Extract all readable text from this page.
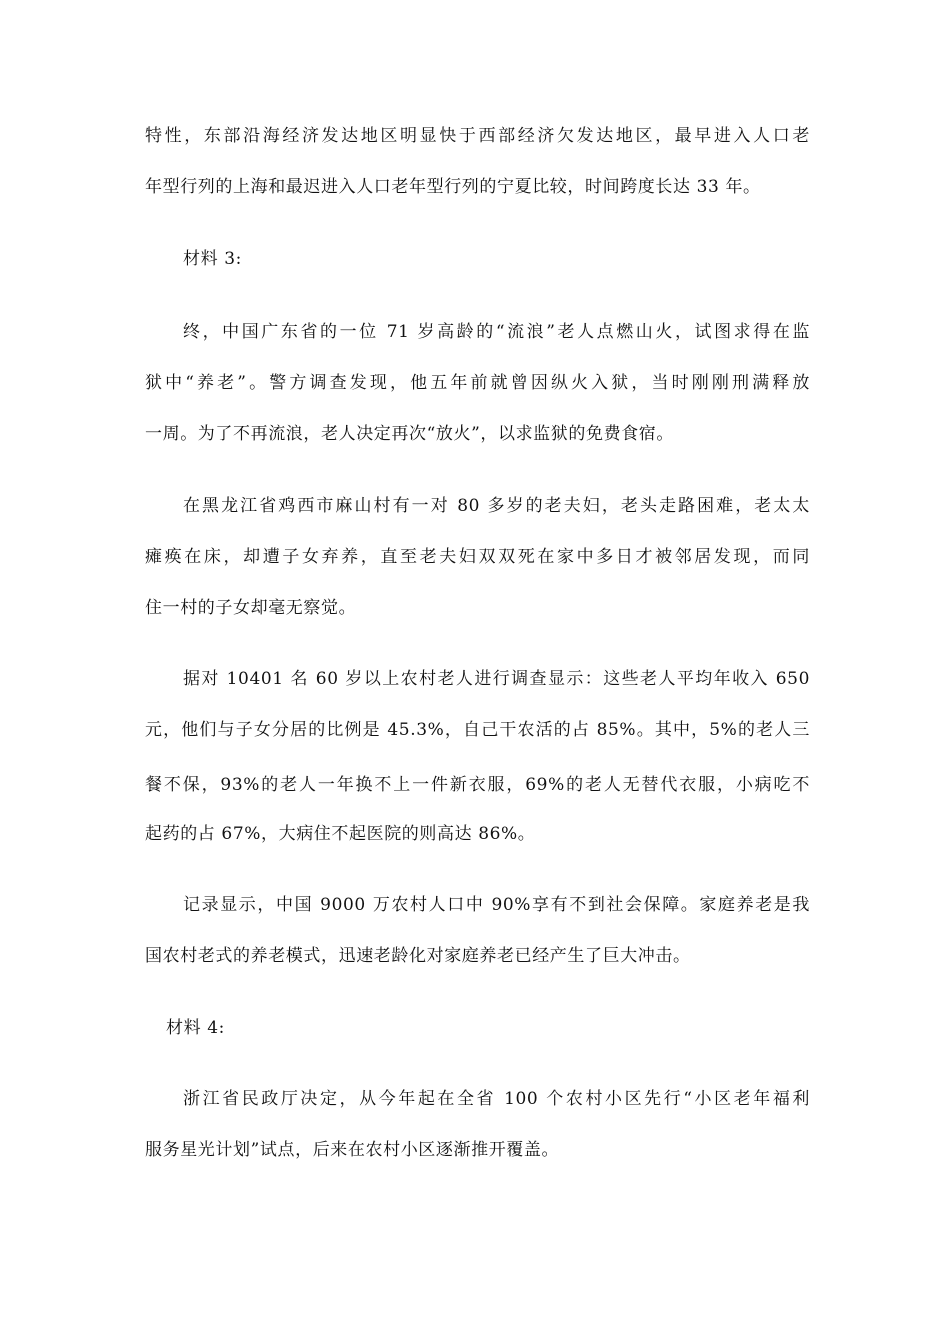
特性，东部沿海经济发达地区明显快于西部经济欠发达地区，最早进入人口老
年型行列的上海和最迟进入人口老年型行列的宁夏比较，时间跨度长达 33 年。
材料 3:
终，中国广东省的一位 71 岁高龄的“流浪”老人点燃山火，试图求得在监
狱中“养老”。警方调查发现，他五年前就曾因纵火入狱，当时刚刚刑满释放
一周。为了不再流浪，老人决定再次“放火”，以求监狱的免费食宿。
在黑龙江省鸡西市麻山村有一对 80 多岁的老夫妇，老头走路困难，老太太
瘫痪在床，却遭子女弃养，直至老夫妇双双死在家中多日才被邻居发现，而同
住一村的子女却毫无察觉。
据对 10401 名 60 岁以上农村老人进行调查显示：这些老人平均年收入 650
元，他们与子女分居的比例是 45.3%，自己干农活的占 85%。其中，5%的老人三
餐不保，93%的老人一年换不上一件新衣服，69%的老人无替代衣服，小病吃不
起药的占 67%，大病住不起医院的则高达 86%。
记录显示，中国 9000 万农村人口中 90%享有不到社会保障。家庭养老是我
国农村老式的养老模式，迅速老龄化对家庭养老已经产生了巨大冲击。
材料 4:
浙江省民政厅决定，从今年起在全省 100 个农村小区先行“小区老年福利
服务星光计划”试点，后来在农村小区逐渐推开覆盖。
